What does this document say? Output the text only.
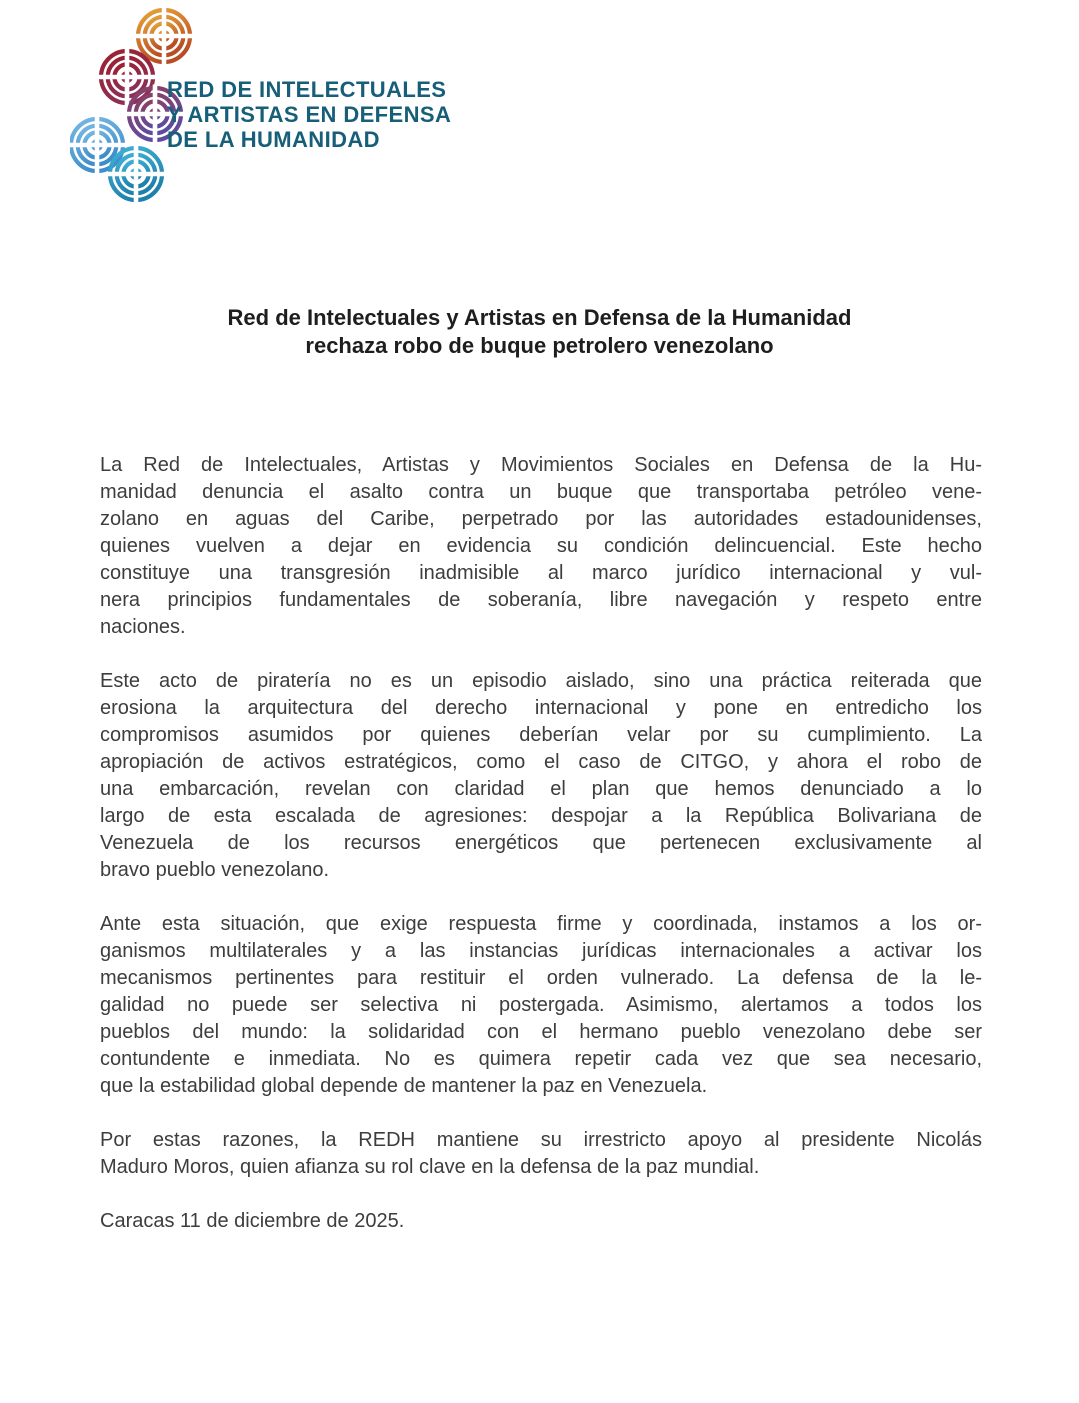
RED DE INTELECTUALES
Y ARTISTAS EN DEFENSA
DE LA HUMANIDAD
Red de Intelectuales y Artistas en Defensa de la Humanidad
rechaza robo de buque petrolero venezolano
La Red de Intelectuales, Artistas y Movimientos Sociales en Defensa de la Hu-
manidad denuncia el asalto contra un buque que transportaba petróleo vene-
zolano en aguas del Caribe, perpetrado por las autoridades estadounidenses,
quienes vuelven a dejar en evidencia su condición delincuencial. Este hecho
constituye una transgresión inadmisible al marco jurídico internacional y vul-
nera principios fundamentales de soberanía, libre navegación y respeto entre
naciones.
Este acto de piratería no es un episodio aislado, sino una práctica reiterada que
erosiona la arquitectura del derecho internacional y pone en entredicho los
compromisos asumidos por quienes deberían velar por su cumplimiento. La
apropiación de activos estratégicos, como el caso de CITGO, y ahora el robo de
una embarcación, revelan con claridad el plan que hemos denunciado a lo
largo de esta escalada de agresiones: despojar a la República Bolivariana de
Venezuela de los recursos energéticos que pertenecen exclusivamente al
bravo pueblo venezolano.
Ante esta situación, que exige respuesta firme y coordinada, instamos a los or-
ganismos multilaterales y a las instancias jurídicas internacionales a activar los
mecanismos pertinentes para restituir el orden vulnerado. La defensa de la le-
galidad no puede ser selectiva ni postergada. Asimismo, alertamos a todos los
pueblos del mundo: la solidaridad con el hermano pueblo venezolano debe ser
contundente e inmediata. No es quimera repetir cada vez que sea necesario,
que la estabilidad global depende de mantener la paz en Venezuela.
Por estas razones, la REDH mantiene su irrestricto apoyo al presidente Nicolás
Maduro Moros, quien afianza su rol clave en la defensa de la paz mundial.

Caracas 11 de diciembre de 2025.
